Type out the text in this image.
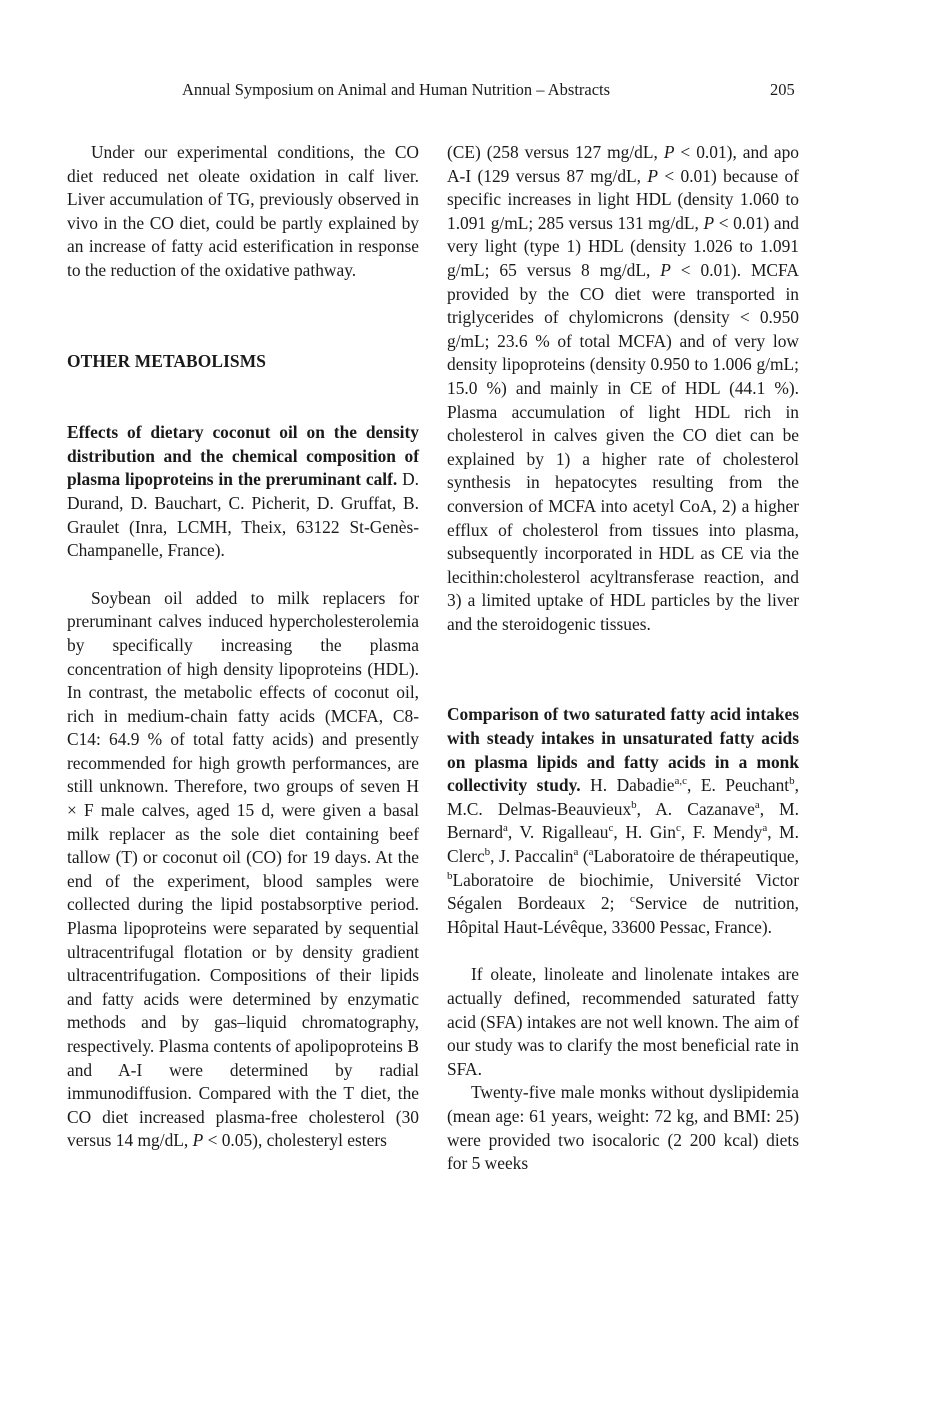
Annual Symposium on Animal and Human Nutrition – Abstracts	205

Under our experimental conditions, the CO diet reduced net oleate oxidation in calf liver. Liver accumulation of TG, previously observed in vivo in the CO diet, could be partly explained by an increase of fatty acid esterification in response to the reduction of the oxidative pathway.

OTHER METABOLISMS

Effects of dietary coconut oil on the density distribution and the chemical composition of plasma lipoproteins in the preruminant calf. D. Durand, D. Bauchart, C. Picherit, D. Gruffat, B. Graulet (Inra, LCMH, Theix, 63122 St-Genès-Champanelle, France).

Soybean oil added to milk replacers for preruminant calves induced hypercholesterolemia by specifically increasing the plasma concentration of high density lipoproteins (HDL). In contrast, the metabolic effects of coconut oil, rich in medium-chain fatty acids (MCFA, C8-C14: 64.9 % of total fatty acids) and presently recommended for high growth performances, are still unknown. Therefore, two groups of seven H × F male calves, aged 15 d, were given a basal milk replacer as the sole diet containing beef tallow (T) or coconut oil (CO) for 19 days. At the end of the experiment, blood samples were collected during the lipid postabsorptive period. Plasma lipoproteins were separated by sequential ultracentrifugal flotation or by density gradient ultracentrifugation. Compositions of their lipids and fatty acids were determined by enzymatic methods and by gas–liquid chromatography, respectively. Plasma contents of apolipoproteins B and A-I were determined by radial immunodiffusion. Compared with the T diet, the CO diet increased plasma-free cholesterol (30 versus 14 mg/dL, P < 0.05), cholesteryl esters

(CE) (258 versus 127 mg/dL, P < 0.01), and apo A-I (129 versus 87 mg/dL, P < 0.01) because of specific increases in light HDL (density 1.060 to 1.091 g/mL; 285 versus 131 mg/dL, P < 0.01) and very light (type 1) HDL (density 1.026 to 1.091 g/mL; 65 versus 8 mg/dL, P < 0.01). MCFA provided by the CO diet were transported in triglycerides of chylomicrons (density < 0.950 g/mL; 23.6 % of total MCFA) and of very low density lipoproteins (density 0.950 to 1.006 g/mL; 15.0 %) and mainly in CE of HDL (44.1 %). Plasma accumulation of light HDL rich in cholesterol in calves given the CO diet can be explained by 1) a higher rate of cholesterol synthesis in hepatocytes resulting from the conversion of MCFA into acetyl CoA, 2) a higher efflux of cholesterol from tissues into plasma, subsequently incorporated in HDL as CE via the lecithin:cholesterol acyltransferase reaction, and 3) a limited uptake of HDL particles by the liver and the steroidogenic tissues.

Comparison of two saturated fatty acid intakes with steady intakes in unsaturated fatty acids on plasma lipids and fatty acids in a monk collectivity study. H. Dabadie$^{a,c}$, E. Peuchant$^b$, M.C. Delmas-Beauvieux$^b$, A. Cazanave$^a$, M. Bernard$^a$, V. Rigalleau$^c$, H. Gin$^c$, F. Mendy$^a$, M. Clerc$^b$, J. Paccalin$^a$ ($^a$Laboratoire de thérapeutique, $^b$Laboratoire de biochimie, Université Victor Ségalen Bordeaux 2; $^c$Service de nutrition, Hôpital Haut-Lévêque, 33600 Pessac, France).

If oleate, linoleate and linolenate intakes are actually defined, recommended saturated fatty acid (SFA) intakes are not well known. The aim of our study was to clarify the most beneficial rate in SFA.

Twenty-five male monks without dyslipidemia (mean age: 61 years, weight: 72 kg, and BMI: 25) were provided two isocaloric (2 200 kcal) diets for 5 weeks
